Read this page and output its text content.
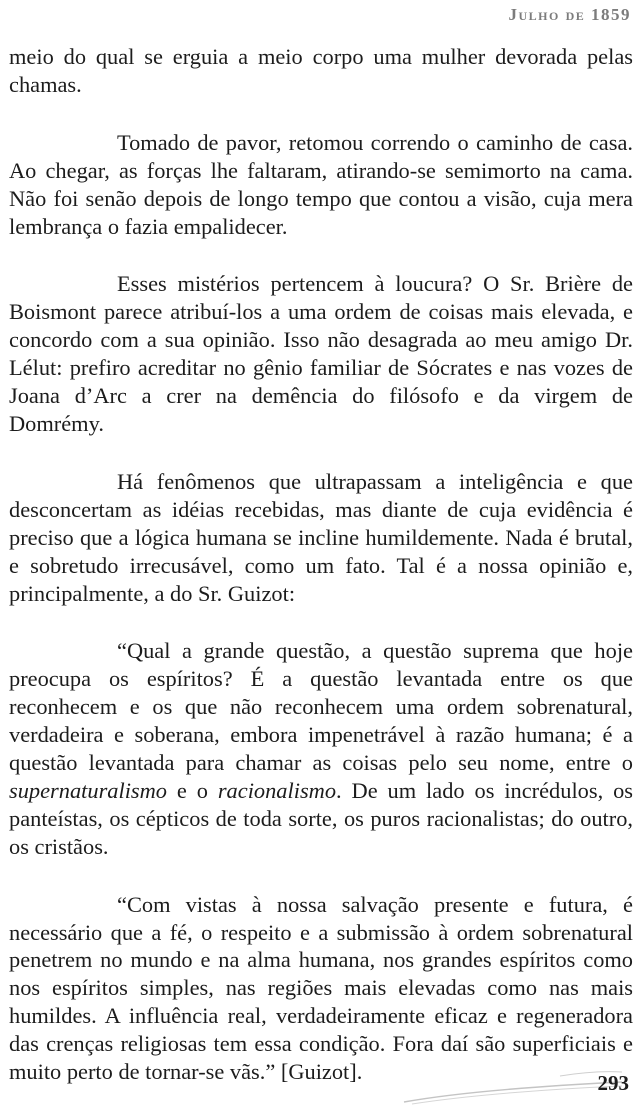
Julho de 1859

meio do qual se erguia a meio corpo uma mulher devorada pelas chamas.

Tomado de pavor, retomou correndo o caminho de casa. Ao chegar, as forças lhe faltaram, atirando-se semimorto na cama. Não foi senão depois de longo tempo que contou a visão, cuja mera lembrança o fazia empalidecer.

Esses mistérios pertencem à loucura? O Sr. Brière de Boismont parece atribuí-los a uma ordem de coisas mais elevada, e concordo com a sua opinião. Isso não desagrada ao meu amigo Dr. Lélut: prefiro acreditar no gênio familiar de Sócrates e nas vozes de Joana d’Arc a crer na demência do filósofo e da virgem de Domrémy.

Há fenômenos que ultrapassam a inteligência e que desconcertam as idéias recebidas, mas diante de cuja evidência é preciso que a lógica humana se incline humildemente. Nada é brutal, e sobretudo irrecusável, como um fato. Tal é a nossa opinião e, principalmente, a do Sr. Guizot:

“Qual a grande questão, a questão suprema que hoje preocupa os espíritos? É a questão levantada entre os que reconhecem e os que não reconhecem uma ordem sobrenatural, verdadeira e soberana, embora impenetrável à razão humana; é a questão levantada para chamar as coisas pelo seu nome, entre o supernaturalismo e o racionalismo. De um lado os incrédulos, os panteístas, os cépticos de toda sorte, os puros racionalistas; do outro, os cristãos.

“Com vistas à nossa salvação presente e futura, é necessário que a fé, o respeito e a submissão à ordem sobrenatural penetrem no mundo e na alma humana, nos grandes espíritos como nos espíritos simples, nas regiões mais elevadas como nas mais humildes. A influência real, verdadeiramente eficaz e regeneradora das crenças religiosas tem essa condição. Fora daí são superficiais e muito perto de tornar-se vãs.” [Guizot].	293
